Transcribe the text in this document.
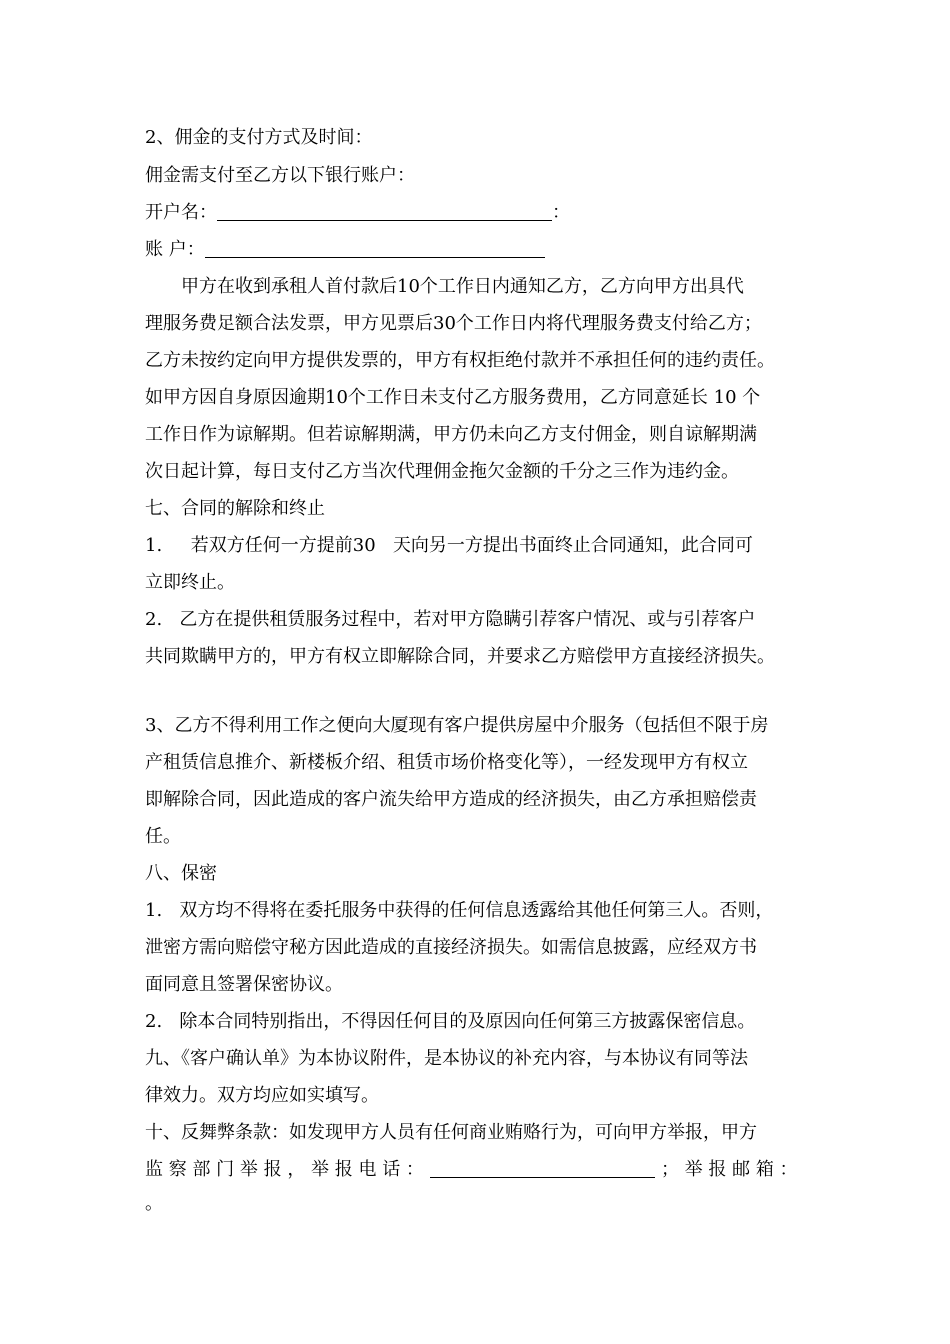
2、佣金的支付方式及时间：
佣金需支付至乙方以下银行账户：
开户名：	：
账 户：
甲方在收到承租人首付款后10个工作日内通知乙方，乙方向甲方出具代
理服务费足额合法发票，甲方见票后30个工作日内将代理服务费支付给乙方；
乙方未按约定向甲方提供发票的，甲方有权拒绝付款并不承担任何的违约责任。
如甲方因自身原因逾期10个工作日未支付乙方服务费用，乙方同意延长 10 个
工作日作为谅解期。但若谅解期满，甲方仍未向乙方支付佣金，则自谅解期满
次日起计算，每日支付乙方当次代理佣金拖欠金额的千分之三作为违约金。
七、合同的解除和终止
1.     若双方任何一方提前30   天向另一方提出书面终止合同通知，此合同可
立即终止。
2.   乙方在提供租赁服务过程中，若对甲方隐瞒引荐客户情况、或与引荐客户
共同欺瞒甲方的，甲方有权立即解除合同，并要求乙方赔偿甲方直接经济损失。
3、乙方不得利用工作之便向大厦现有客户提供房屋中介服务（包括但不限于房
产租赁信息推介、新楼板介绍、租赁市场价格变化等），一经发现甲方有权立
即解除合同，因此造成的客户流失给甲方造成的经济损失，由乙方承担赔偿责
任。
八、保密
1.   双方均不得将在委托服务中获得的任何信息透露给其他任何第三人。否则，
泄密方需向赔偿守秘方因此造成的直接经济损失。如需信息披露，应经双方书
面同意且签署保密协议。
2.   除本合同特别指出，不得因任何目的及原因向任何第三方披露保密信息。
九、《客户确认单》为本协议附件，是本协议的补充内容，与本协议有同等法
律效力。双方均应如实填写。
十、反舞弊条款：如发现甲方人员有任何商业贿赂行为，可向甲方举报，甲方
监 察 部 门 举 报 ， 举 报 电 话 ：	； 举 报 邮 箱 ：
。
